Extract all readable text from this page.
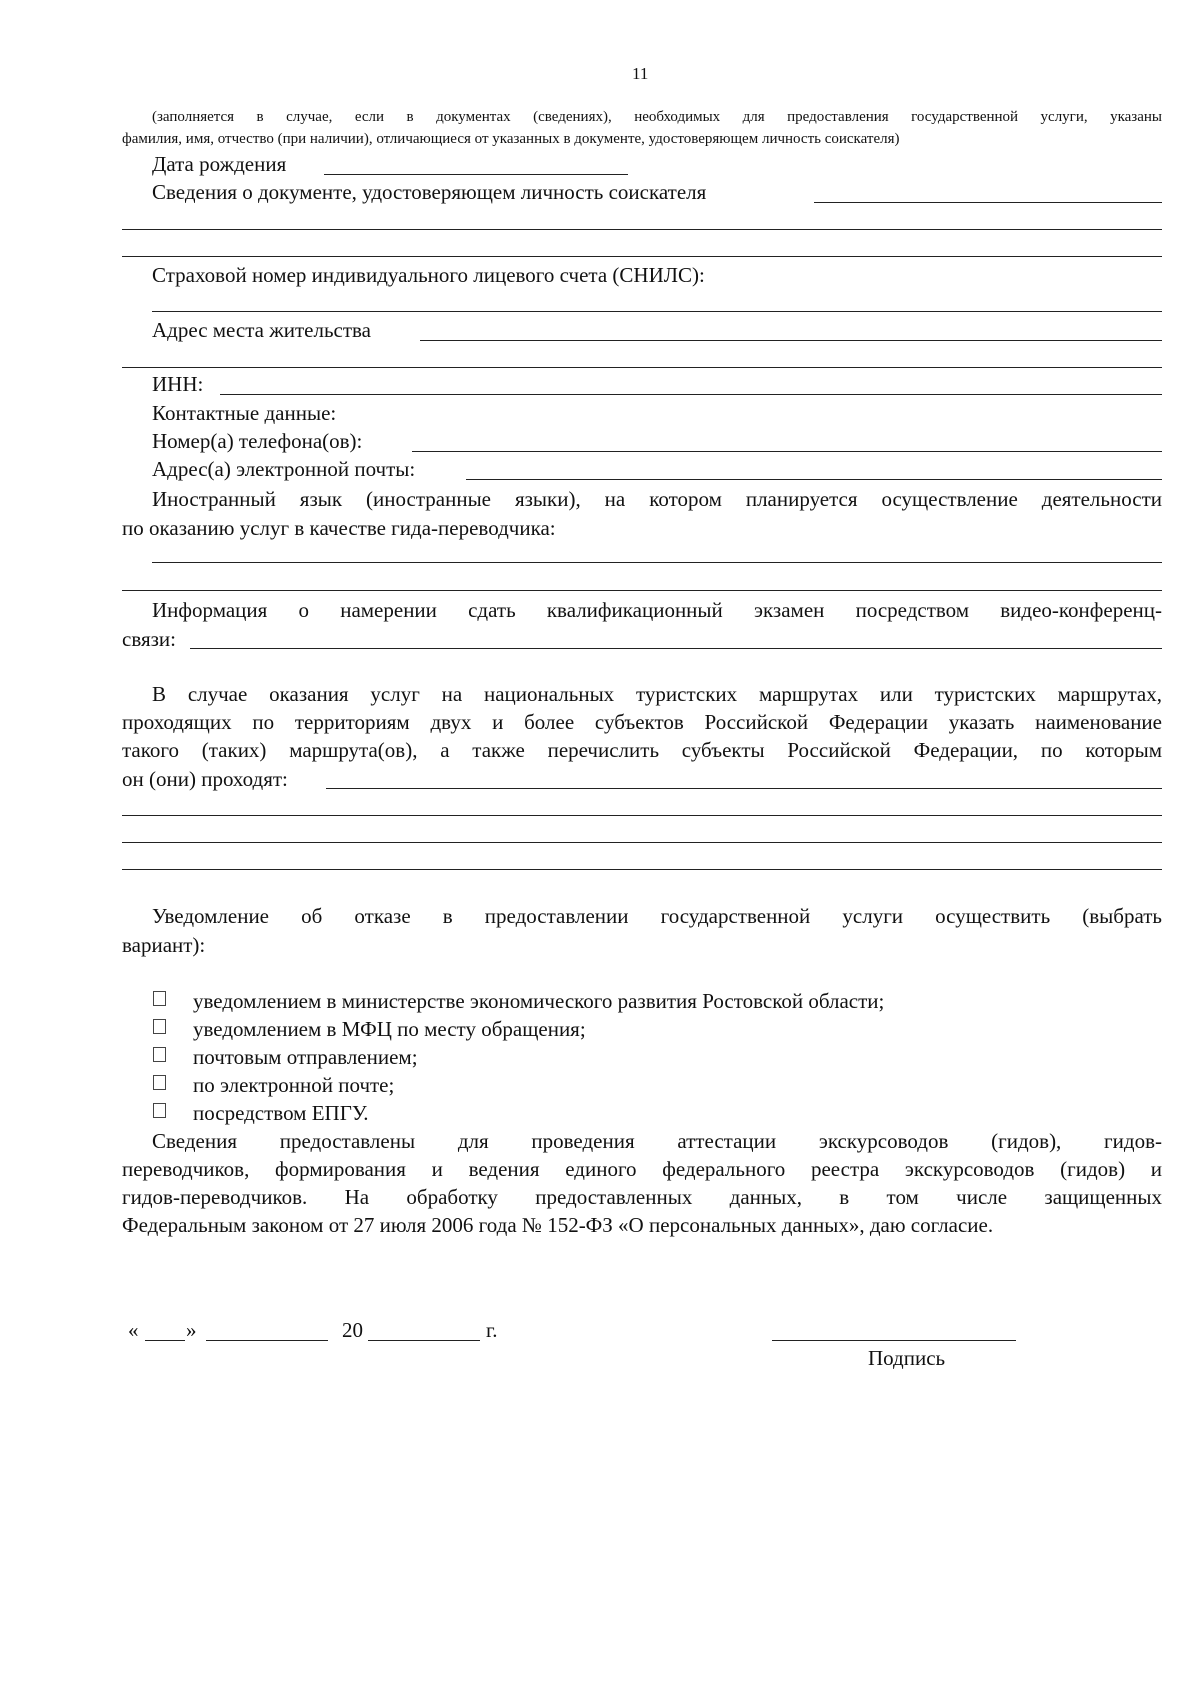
11
(заполняется в случае, если в документах (сведениях), необходимых для предоставления государственной услуги, указаны
фамилия, имя, отчество (при наличии), отличающиеся от указанных в документе, удостоверяющем личность соискателя)
Дата рождения
Сведения о документе, удостоверяющем личность соискателя
Страховой номер индивидуального лицевого счета (СНИЛС):
Адрес места жительства
ИНН:
Контактные данные:
Номер(а) телефона(ов):
Адрес(а) электронной почты:
Иностранный язык (иностранные языки), на котором планируется осуществление деятельности
по оказанию услуг в качестве гида-переводчика:
Информация о намерении сдать квалификационный экзамен посредством видео-конференц-
связи:
В случае оказания услуг на национальных туристских маршрутах или туристских маршрутах,
проходящих по территориям двух и более субъектов Российской Федерации указать наименование
такого (таких) маршрута(ов), а также перечислить субъекты Российской Федерации, по которым
он (они) проходят:
Уведомление об отказе в предоставлении государственной услуги осуществить (выбрать
вариант):
уведомлением в министерстве экономического развития Ростовской области;
уведомлением в МФЦ по месту обращения;
почтовым отправлением;
по электронной почте;
посредством ЕПГУ.
Сведения предоставлены для проведения аттестации экскурсоводов (гидов), гидов-
переводчиков, формирования и ведения единого федерального реестра экскурсоводов (гидов) и
гидов-переводчиков. На обработку предоставленных данных, в том числе защищенных
Федеральным законом от 27 июля 2006 года № 152-ФЗ «О персональных данных», даю согласие.
« »	20	г.
Подпись
